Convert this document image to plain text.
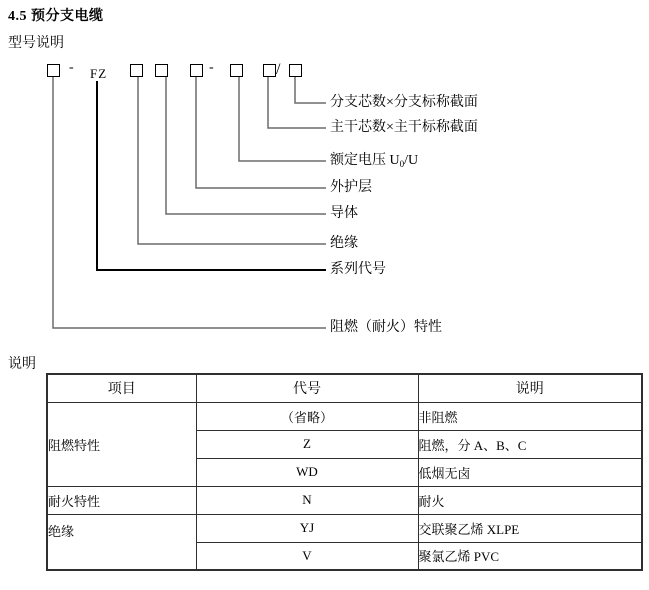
4.5 预分支电缆
型号说明
- FZ	-	/
分支芯数×分支标称截面
主干芯数×主干标称截面
额定电压 $U_0/U$
外护层
导体
绝缘
系列代号
阻燃（耐火）特性
说明
项目	代号	说明
阻燃特性	（省略）	非阻燃
	Z	阻燃，分 A、B、C
	WD	低烟无卤
耐火特性	N	耐火
绝缘	YJ	交联聚乙烯 XLPE
	V	聚氯乙烯 PVC
